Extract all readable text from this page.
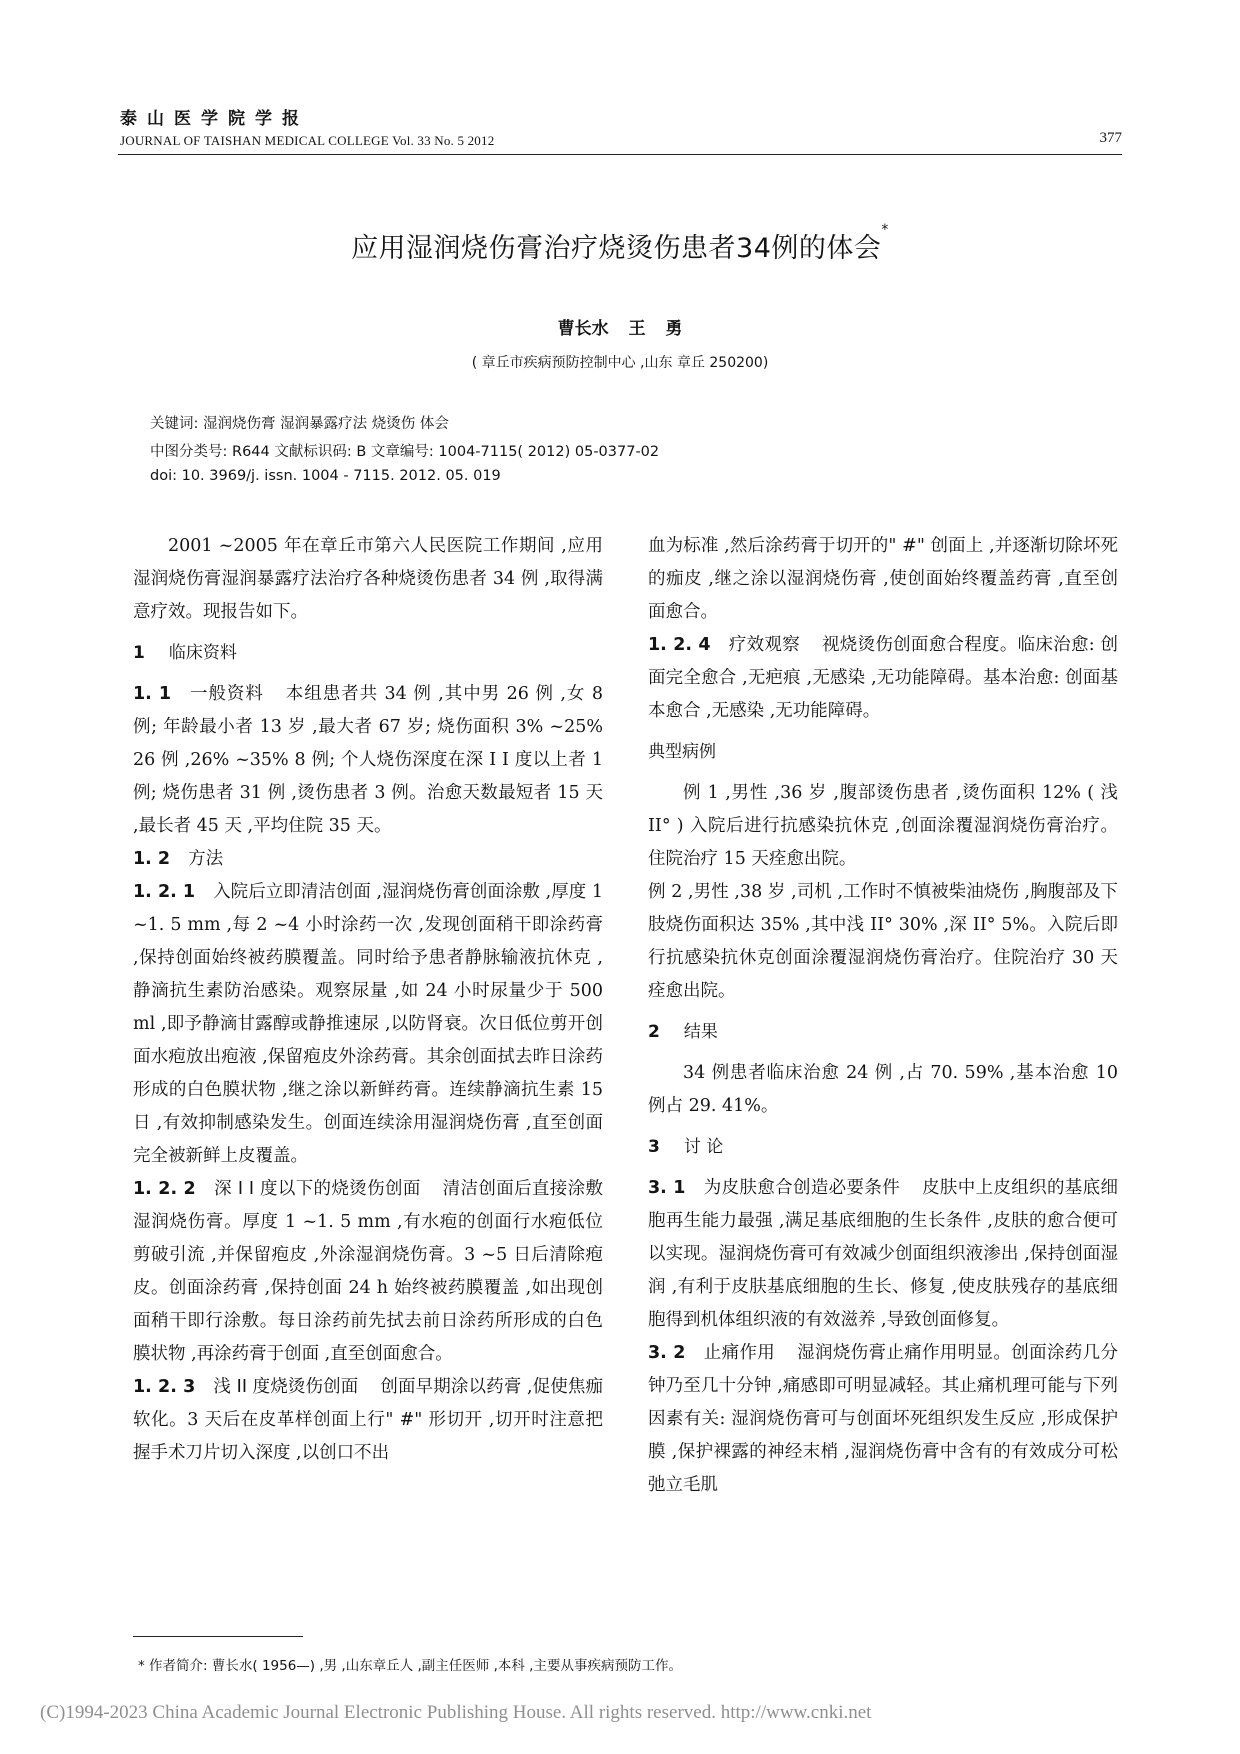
泰山医学院学报
JOURNAL OF TAISHAN MEDICAL COLLEGE Vol. 33 No. 5 2012	377
应用湿润烧伤膏治疗烧烫伤患者34例的体会*
曹长水 王 勇
( 章丘市疾病预防控制中心 ,山东 章丘 250200)
关键词: 湿润烧伤膏 湿润暴露疗法 烧烫伤 体会
中图分类号: R644 文献标识码: B 文章编号: 1004-7115( 2012) 05-0377-02
doi: 10. 3969/j. issn. 1004 - 7115. 2012. 05. 019

2001 ~2005 年在章丘市第六人民医院工作期间 ,应用湿润烧伤膏湿润暴露疗法治疗各种烧烫伤患者 34 例 ,取得满意疗效。现报告如下。

1 临床资料

1. 1 一般资料 本组患者共 34 例 ,其中男 26 例 ,女 8 例; 年龄最小者 13 岁 ,最大者 67 岁; 烧伤面积 3% ~25% 26 例 ,26% ~35% 8 例; 个人烧伤深度在深 I I 度以上者 1 例; 烧伤患者 31 例 ,烫伤患者 3 例。治愈天数最短者 15 天 ,最长者 45 天 ,平均住院 35 天。

1. 2 方法

1. 2. 1 入院后立即清洁创面 ,湿润烧伤膏创面涂敷 ,厚度 1 ~1. 5 mm ,每 2 ~4 小时涂药一次 ,发现创面稍干即涂药膏 ,保持创面始终被药膜覆盖。同时给予患者静脉输液抗休克 ,静滴抗生素防治感染。观察尿量 ,如 24 小时尿量少于 500 ml ,即予静滴甘露醇或静推速尿 ,以防肾衰。次日低位剪开创面水疱放出疱液 ,保留疱皮外涂药膏。其余创面拭去昨日涂药形成的白色膜状物 ,继之涂以新鲜药膏。连续静滴抗生素 15 日 ,有效抑制感染发生。创面连续涂用湿润烧伤膏 ,直至创面完全被新鲜上皮覆盖。

1. 2. 2 深 I I 度以下的烧烫伤创面 清洁创面后直接涂敷湿润烧伤膏。厚度 1 ~1. 5 mm ,有水疱的创面行水疱低位剪破引流 ,并保留疱皮 ,外涂湿润烧伤膏。3 ~5 日后清除疱皮。创面涂药膏 ,保持创面 24 h 始终被药膜覆盖 ,如出现创面稍干即行涂敷。每日涂药前先拭去前日涂药所形成的白色膜状物 ,再涂药膏于创面 ,直至创面愈合。

1. 2. 3 浅 II 度烧烫伤创面 创面早期涂以药膏 ,促使焦痂软化。3 天后在皮革样创面上行" #" 形切开 ,切开时注意把握手术刀片切入深度 ,以创口不出

血为标准 ,然后涂药膏于切开的" #" 创面上 ,并逐渐切除坏死的痂皮 ,继之涂以湿润烧伤膏 ,使创面始终覆盖药膏 ,直至创面愈合。

1. 2. 4 疗效观察 视烧烫伤创面愈合程度。临床治愈: 创面完全愈合 ,无疤痕 ,无感染 ,无功能障碍。基本治愈: 创面基本愈合 ,无感染 ,无功能障碍。

典型病例

例 1 ,男性 ,36 岁 ,腹部烫伤患者 ,烫伤面积 12% ( 浅 II° ) 入院后进行抗感染抗休克 ,创面涂覆湿润烧伤膏治疗。住院治疗 15 天痊愈出院。

例 2 ,男性 ,38 岁 ,司机 ,工作时不慎被柴油烧伤 ,胸腹部及下肢烧伤面积达 35% ,其中浅 II° 30% ,深 II° 5%。入院后即行抗感染抗休克创面涂覆湿润烧伤膏治疗。住院治疗 30 天痊愈出院。

2 结果

34 例患者临床治愈 24 例 ,占 70. 59% ,基本治愈 10 例占 29. 41%。

3 讨 论

3. 1 为皮肤愈合创造必要条件 皮肤中上皮组织的基底细胞再生能力最强 ,满足基底细胞的生长条件 ,皮肤的愈合便可以实现。湿润烧伤膏可有效减少创面组织液渗出 ,保持创面湿润 ,有利于皮肤基底细胞的生长、修复 ,使皮肤残存的基底细胞得到机体组织液的有效滋养 ,导致创面修复。

3. 2 止痛作用 湿润烧伤膏止痛作用明显。创面涂药几分钟乃至几十分钟 ,痛感即可明显减轻。其止痛机理可能与下列因素有关: 湿润烧伤膏可与创面坏死组织发生反应 ,形成保护膜 ,保护裸露的神经末梢 ,湿润烧伤膏中含有的有效成分可松弛立毛肌

* 作者简介: 曹长水( 1956—) ,男 ,山东章丘人 ,副主任医师 ,本科 ,主要从事疾病预防工作。
(C)1994-2023 China Academic Journal Electronic Publishing House. All rights reserved. http://www.cnki.net
